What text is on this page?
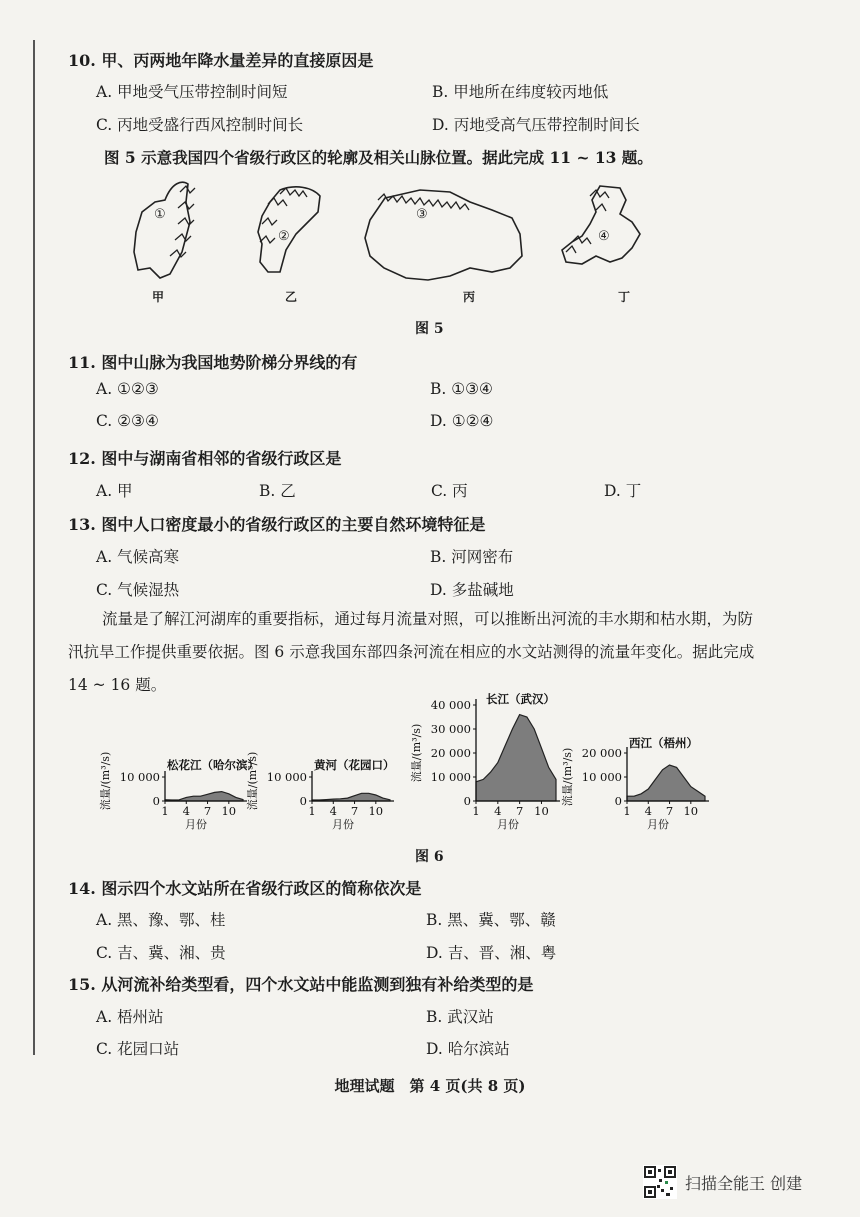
10. 甲、丙两地年降水量差异的直接原因是
A. 甲地受气压带控制时间短	B. 甲地所在纬度较丙地低
C. 丙地受盛行西风控制时间长	D. 丙地受高气压带控制时间长
图 5 示意我国四个省级行政区的轮廓及相关山脉位置。据此完成 11 ~ 13 题。
①
②
③
④
甲	乙	丙	丁
图 5
11. 图中山脉为我国地势阶梯分界线的有
A. ①②③	B. ①③④
C. ②③④	D. ①②④
12. 图中与湖南省相邻的省级行政区是
A. 甲	B. 乙	C. 丙	D. 丁
13. 图中人口密度最小的省级行政区的主要自然环境特征是
A. 气候高寒	B. 河网密布
C. 气候湿热	D. 多盐碱地
流量是了解江河湖库的重要指标，通过每月流量对照，可以推断出河流的丰水期和枯水期，为防汛抗旱工作提供重要依据。图 6 示意我国东部四条河流在相应的水文站测得的流量年变化。据此完成 14 ~ 16 题。
10 000
0
1 4 7 10
月份
流量/(m³/s)	松花江（哈尔滨）
10 000
0
1 4 7 10
月份
流量/(m³/s)	黄河（花园口）
40 000
30 000
20 000
10 000
0
1 4 7 10
月份
流量/(m³/s)
长江（武汉）
20 000
10 000
0
1 4 7 10
月份
流量/(m³/s)
西江（梧州）
图 6
14. 图示四个水文站所在省级行政区的简称依次是
A. 黑、豫、鄂、桂	B. 黑、冀、鄂、赣
C. 吉、冀、湘、贵	D. 吉、晋、湘、粤
15. 从河流补给类型看，四个水文站中能监测到独有补给类型的是
A. 梧州站	B. 武汉站
C. 花园口站	D. 哈尔滨站
地理试题　第 4 页(共 8 页)
扫描全能王 创建
